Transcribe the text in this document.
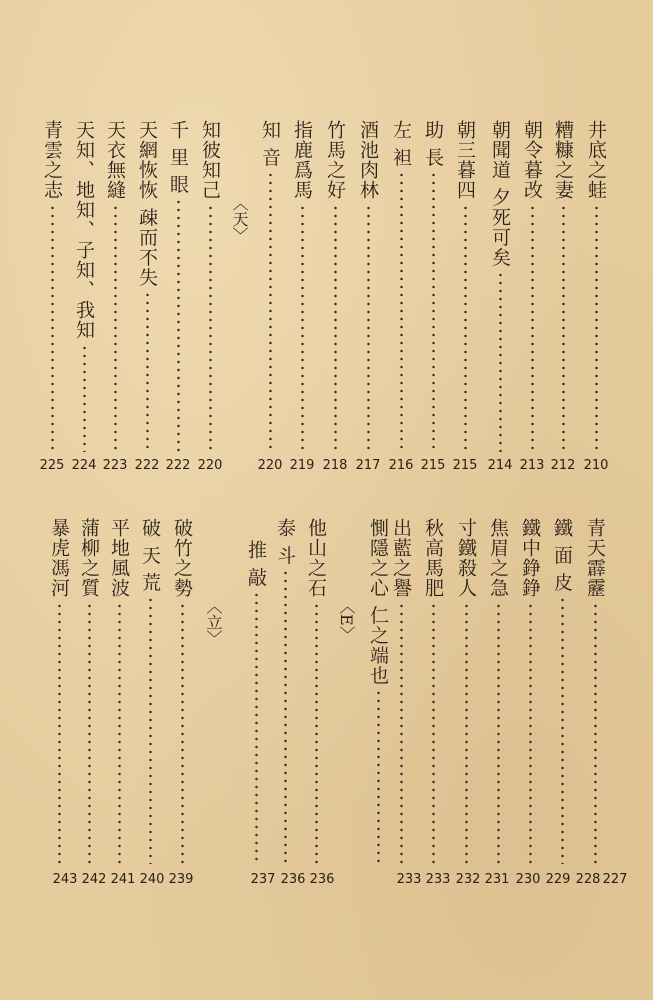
〈天〉
井底之蛙
糟糠之妻
朝令暮改
朝聞道 夕死可矣
朝三暮四
助 長
左 袒
酒池肉林
竹馬之好
指鹿爲馬
知 音
知彼知己
千 里 眼
天網恢恢 疎而不失
天衣無縫
天知、地知、子知、我知
青雲之志
210
212
213
214
215
215
216
217
218
219
220
220
222
222
223
224
225
〈E〉
〈立〉
青天霹靂
鐵 面 皮
鐵中錚錚
焦眉之急
寸鐵殺人
秋高馬肥
出藍之譽
惻隱之心 仁之端也
他山之石
泰 斗
推 敲
破竹之勢
破 天 荒
平地風波
蒲柳之質
暴虎馮河
227
228
229
230
231
232
233
233
236
236
237
239
240
241
242
243
